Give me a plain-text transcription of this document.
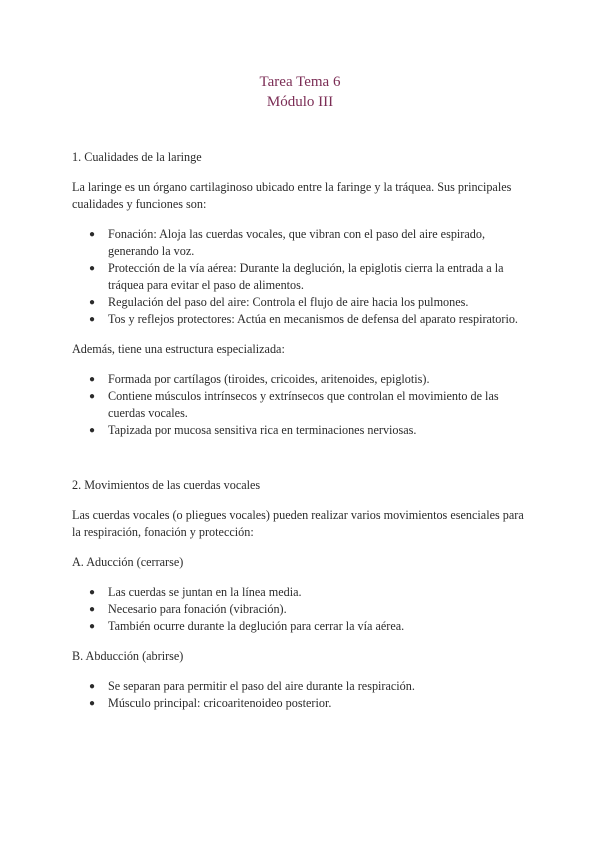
Tarea Tema 6
Módulo III
1. Cualidades de la laringe

La laringe es un órgano cartilaginoso ubicado entre la faringe y la tráquea. Sus principales cualidades y funciones son:

● Fonación: Aloja las cuerdas vocales, que vibran con el paso del aire espirado, generando la voz.
● Protección de la vía aérea: Durante la deglución, la epiglotis cierra la entrada a la tráquea para evitar el paso de alimentos.
● Regulación del paso del aire: Controla el flujo de aire hacia los pulmones.
● Tos y reflejos protectores: Actúa en mecanismos de defensa del aparato respiratorio.

Además, tiene una estructura especializada:

● Formada por cartílagos (tiroides, cricoides, aritenoides, epiglotis).
● Contiene músculos intrínsecos y extrínsecos que controlan el movimiento de las cuerdas vocales.
● Tapizada por mucosa sensitiva rica en terminaciones nerviosas.
2. Movimientos de las cuerdas vocales

Las cuerdas vocales (o pliegues vocales) pueden realizar varios movimientos esenciales para la respiración, fonación y protección:

A. Aducción (cerrarse)
● Las cuerdas se juntan en la línea media.
● Necesario para fonación (vibración).
● También ocurre durante la deglución para cerrar la vía aérea.
B. Abducción (abrirse)
● Se separan para permitir el paso del aire durante la respiración.
● Músculo principal: cricoaritenoideo posterior.
